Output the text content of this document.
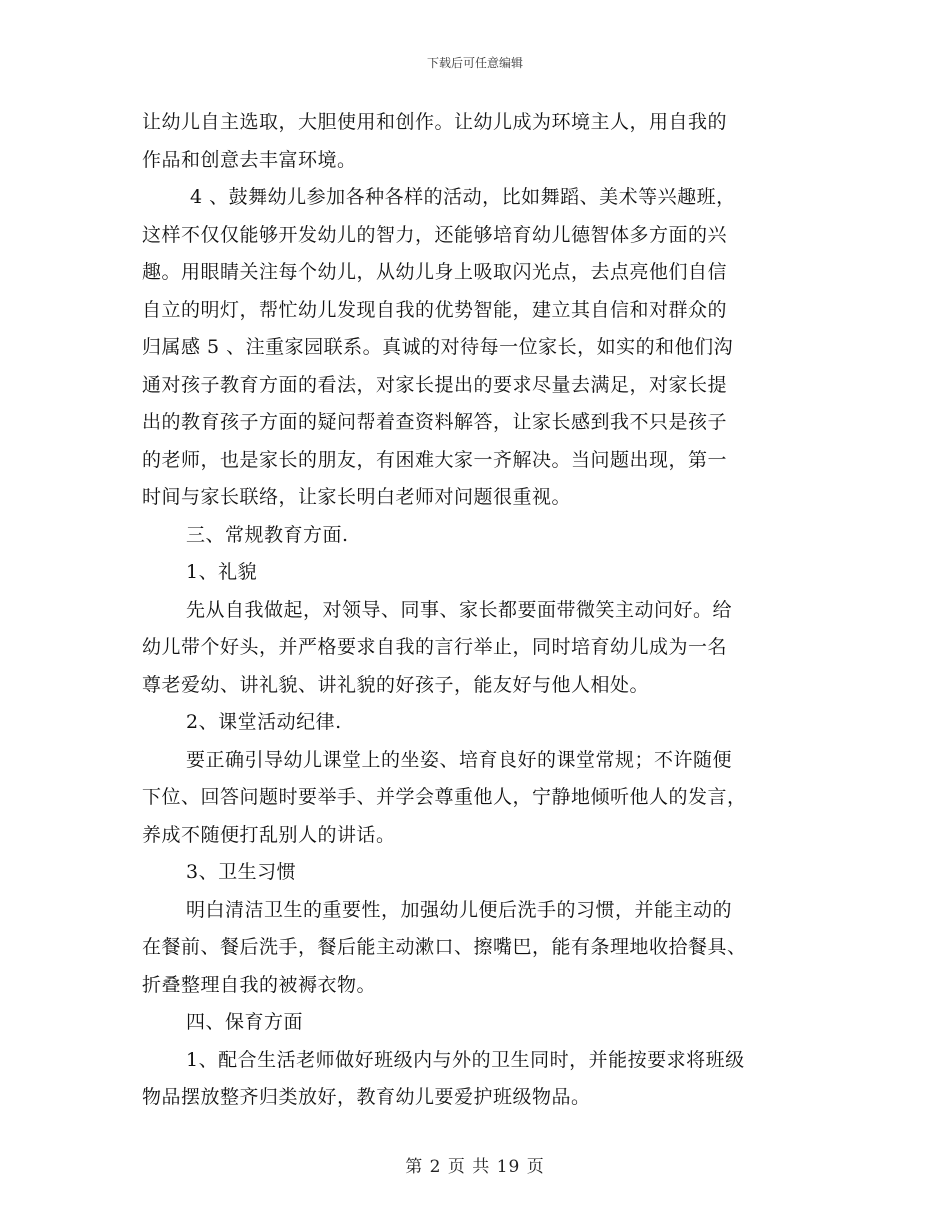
下载后可任意编辑
让幼儿自主选取，大胆使用和创作。让幼儿成为环境主人，用自我的
作品和创意去丰富环境。
4 、鼓舞幼儿参加各种各样的活动，比如舞蹈、美术等兴趣班，
这样不仅仅能够开发幼儿的智力，还能够培育幼儿德智体多方面的兴
趣。用眼睛关注每个幼儿，从幼儿身上吸取闪光点，去点亮他们自信
自立的明灯，帮忙幼儿发现自我的优势智能，建立其自信和对群众的
归属感 5 、注重家园联系。真诚的对待每一位家长，如实的和他们沟
通对孩子教育方面的看法，对家长提出的要求尽量去满足，对家长提
出的教育孩子方面的疑问帮着查资料解答，让家长感到我不只是孩子
的老师，也是家长的朋友，有困难大家一齐解决。当问题出现，第一
时间与家长联络，让家长明白老师对问题很重视。
三、常规教育方面.
1、礼貌
先从自我做起，对领导、同事、家长都要面带微笑主动问好。给
幼儿带个好头，并严格要求自我的言行举止，同时培育幼儿成为一名
尊老爱幼、讲礼貌、讲礼貌的好孩子，能友好与他人相处。
2、课堂活动纪律.
要正确引导幼儿课堂上的坐姿、培育良好的课堂常规；不许随便
下位、回答问题时要举手、并学会尊重他人，宁静地倾听他人的发言，
养成不随便打乱别人的讲话。
3、卫生习惯
明白清洁卫生的重要性，加强幼儿便后洗手的习惯，并能主动的
在餐前、餐后洗手，餐后能主动漱口、擦嘴巴，能有条理地收拾餐具、
折叠整理自我的被褥衣物。
四、保育方面
1、配合生活老师做好班级内与外的卫生同时，并能按要求将班级
物品摆放整齐归类放好，教育幼儿要爱护班级物品。
第 2 页 共 19 页
